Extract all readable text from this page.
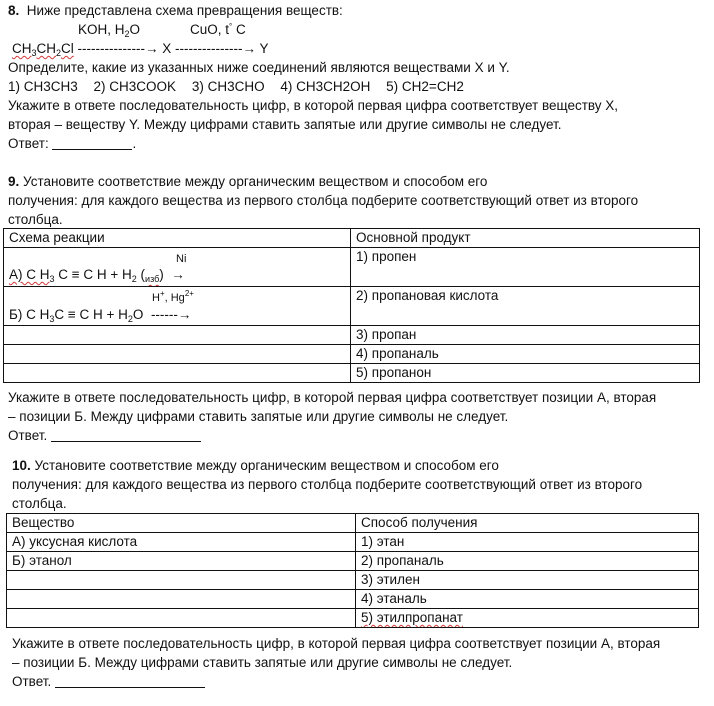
8. Ниже представлена схема превращения веществ:
KOH, $H_2O$	CuO, t° C
$CH_3CH_2Cl$ ---------------→ X ---------------→ Y
Определите, какие из указанных ниже соединений являются веществами X и Y.
1) CH3CH3 2) CH3COOK 3) CH3CHO 4) CH3CH2OH 5) CH2=CH2
Укажите в ответе последовательность цифр, в которой первая цифра соответствует веществу X,
вторая – веществу Y. Между цифрами ставить запятые или другие символы не следует.
Ответ:	.
9. Установите соответствие между органическим веществом и способом его
получения: для каждого вещества из первого столбца подберите соответствующий ответ из второго
столбца.
Схема реакции	Основной продукт

Ni
А) C $H_3$ C ≡ C $H + H_2$ $(_{изб})$ →	1) пропен

H+, $Hg^{2+}$
Б) C $H_3C \equiv C$ $H + H_2O$ ------→	2) пропановая кислота
	3) пропан
	4) пропаналь
	5) пропанон
Укажите в ответе последовательность цифр, в которой первая цифра соответствует позиции А, вторая
– позиции Б. Между цифрами ставить запятые или другие символы не следует.
Ответ.
10. Установите соответствие между органическим веществом и способом его
получения: для каждого вещества из первого столбца подберите соответствующий ответ из второго
столбца.
Вещество	Способ получения
А) уксусная кислота	1) этан
Б) этанол	2) пропаналь
	3) этилен
	4) этаналь
	5) этилпропанат
Укажите в ответе последовательность цифр, в которой первая цифра соответствует позиции А, вторая
– позиции Б. Между цифрами ставить запятые или другие символы не следует.
Ответ.
